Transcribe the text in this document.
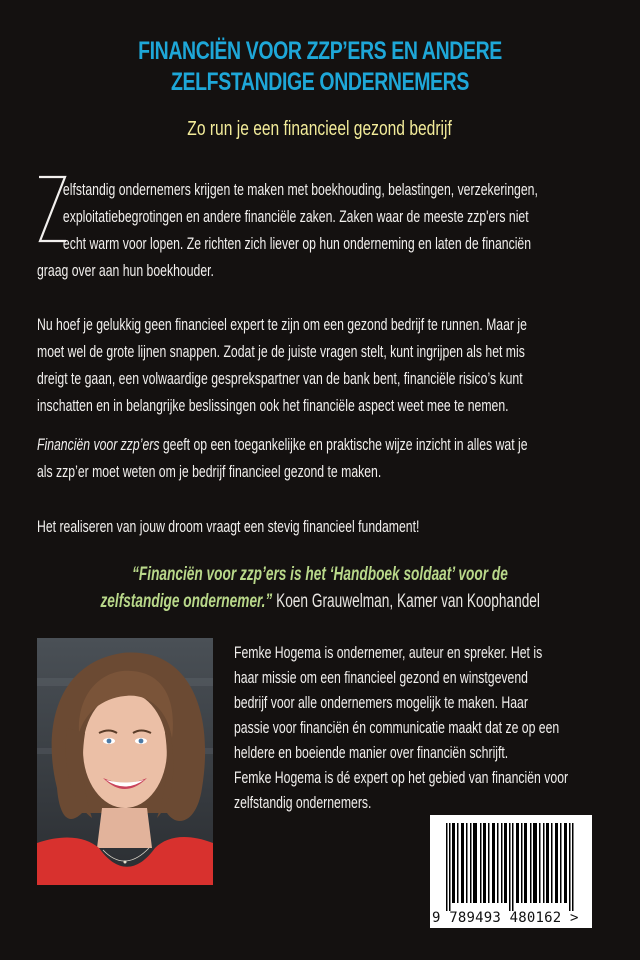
FINANCIËN VOOR ZZP’ERS EN ANDERE
ZELFSTANDIGE ONDERNEMERS
Zo run je een financieel gezond bedrijf
elfstandig ondernemers krijgen te maken met boekhouding, belastingen, verzekeringen,
exploitatiebegrotingen en andere financiële zaken. Zaken waar de meeste zzp'ers niet
echt warm voor lopen. Ze richten zich liever op hun onderneming en laten de financiën
graag over aan hun boekhouder.
Nu hoef je gelukkig geen financieel expert te zijn om een gezond bedrijf te runnen. Maar je
moet wel de grote lijnen snappen. Zodat je de juiste vragen stelt, kunt ingrijpen als het mis
dreigt te gaan, een volwaardige gesprekspartner van de bank bent, financiële risico’s kunt
inschatten en in belangrijke beslissingen ook het financiële aspect weet mee te nemen.
Financiën voor zzp’ers geeft op een toegankelijke en praktische wijze inzicht in alles wat je
als zzp’er moet weten om je bedrijf financieel gezond te maken.
Het realiseren van jouw droom vraagt een stevig financieel fundament!
“Financiën voor zzp’ers is het ‘Handboek soldaat’ voor de
zelfstandige ondernemer.” Koen Grauwelman, Kamer van Koophandel
Femke Hogema is ondernemer, auteur en spreker. Het is
haar missie om een financieel gezond en winstgevend
bedrijf voor alle ondernemers mogelijk te maken. Haar
passie voor financiën én communicatie maakt dat ze op een
heldere en boeiende manier over financiën schrijft.
Femke Hogema is dé expert op het gebied van financiën voor
zelfstandig ondernemers.
9 789493 480162 >
